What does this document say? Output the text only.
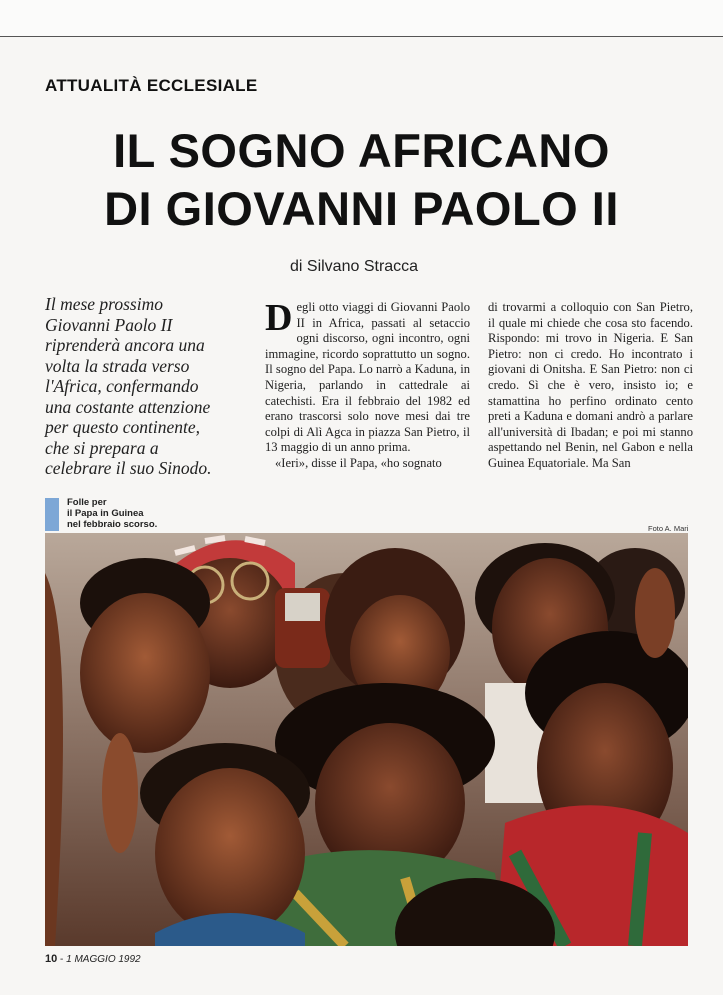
ATTUALITÀ ECCLESIALE
IL SOGNO AFRICANO
DI GIOVANNI PAOLO II
di Silvano Stracca
Il mese prossimo
Giovanni Paolo II
riprenderà ancora una
volta la strada verso
l'Africa, confermando
una costante attenzione
per questo continente,
che si prepara a
celebrare il suo Sinodo.

Degli otto viaggi di Giovanni Paolo II in Africa, passati al setaccio ogni discorso, ogni incontro, ogni immagine, ricordo soprattutto un sogno. Il sogno del Papa. Lo narrò a Kaduna, in Nigeria, parlando in cattedrale ai catechisti. Era il febbraio del 1982 ed erano trascorsi solo nove mesi dai tre colpi di Alì Agca in piazza San Pietro, il 13 maggio di un anno prima.

«Ieri», disse il Papa, «ho sognato

di trovarmi a colloquio con San Pietro, il quale mi chiede che cosa sto facendo. Rispondo: mi trovo in Nigeria. E San Pietro: non ci credo. Ho incontrato i giovani di Onitsha. E San Pietro: non ci credo. Sì che è vero, insisto io; e stamattina ho perfino ordinato cento preti a Kaduna e domani andrò a parlare all'università di Ibadan; e poi mi stanno aspettando nel Benin, nel Gabon e nella Guinea Equatoriale. Ma San

Folle per
il Papa in Guinea
nel febbraio scorso.	Foto A. Mari
10 - 1 MAGGIO 1992
